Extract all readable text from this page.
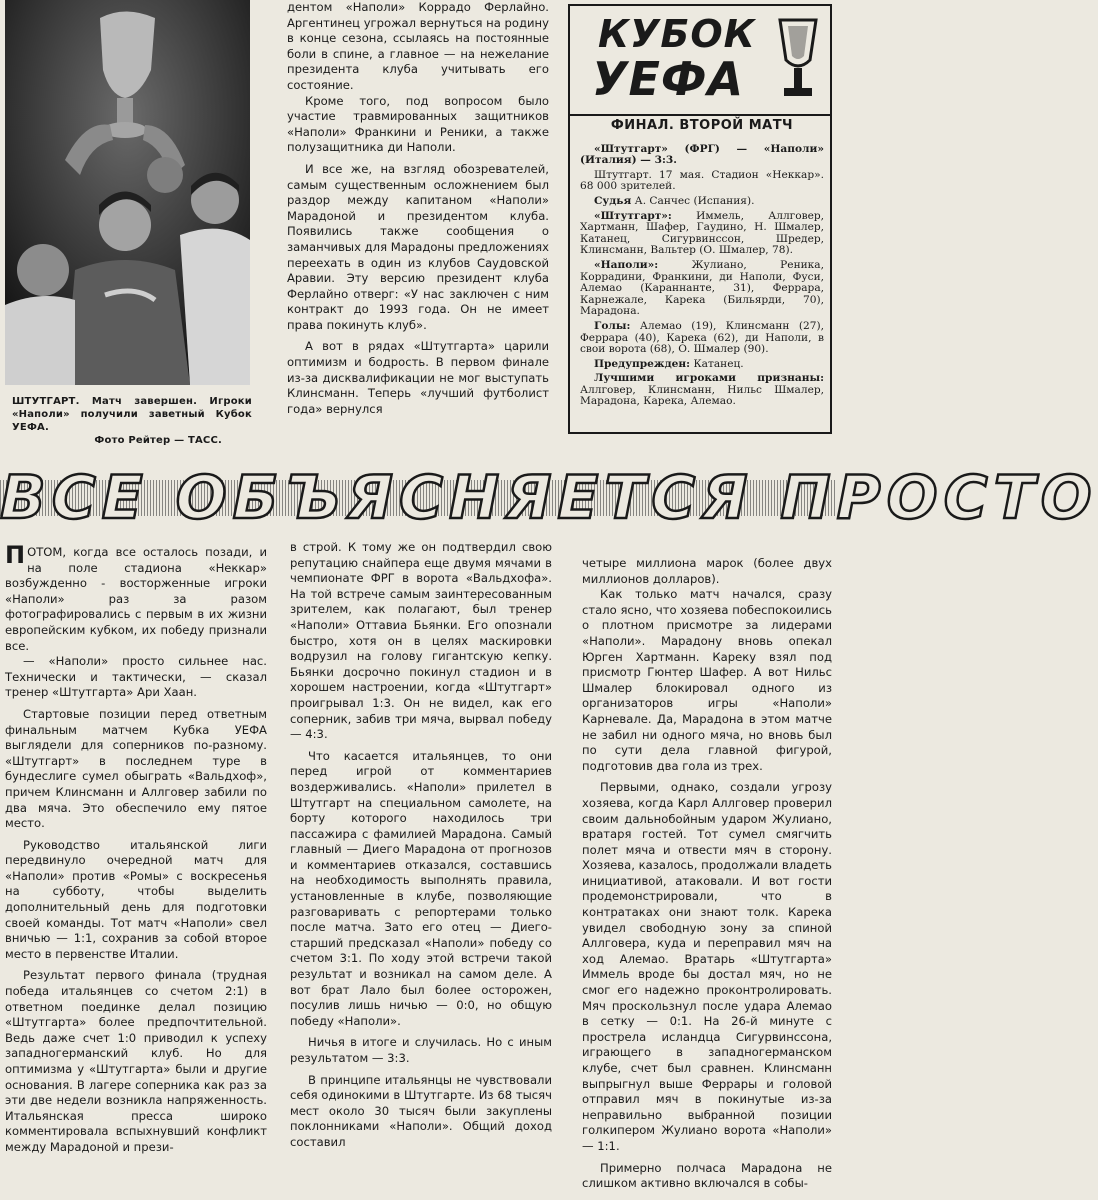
ШТУТГАРТ. Матч завершен. Игроки «Наполи» получили заветный Кубок УЕФА.
Фото Рейтер — ТАСС.

дентом «Наполи» Коррадо Ферлайно. Аргентинец угрожал вернуться на родину в конце сезона, ссылаясь на постоянные боли в спине, а главное — на нежелание президента клуба учитывать его состояние.

Кроме того, под вопросом было участие травмированных защитников «Наполи» Франкини и Реники, а также полузащитника ди Наполи.

И все же, на взгляд обозревателей, самым существенным осложнением был раздор между капитаном «Наполи» Марадоной и президентом клуба. Появились также сообщения о заманчивых для Марадоны предложениях переехать в один из клубов Саудовской Аравии. Эту версию президент клуба Ферлайно отверг: «У нас заключен с ним контракт до 1993 года. Он не имеет права покинуть клуб».

А вот в рядах «Штутгарта» царили оптимизм и бодрость. В первом финале из-за дисквалификации не мог выступать Клинсманн. Теперь «лучший футболист года» вернулся

КУБОК
УЕФА
ФИНАЛ. ВТОРОЙ МАТЧ

«Штутгарт» (ФРГ) — «Наполи» (Италия) — 3:3.

Штутгарт. 17 мая. Стадион «Неккар». 68 000 зрителей.

Судья А. Санчес (Испания).

«Штутгарт»: Иммель, Аллговер, Хартманн, Шафер, Гаудино, Н. Шмалер, Катанец, Сигурвинссон, Шредер, Клинсманн, Вальтер (О. Шмалер, 78).

«Наполи»:	Жулиано, Реника, Коррадини, Франкини, ди Наполи, Фуси, Алемао (Караннанте, 31), Феррара, Карнежале, Карека (Бильярди, 70), Марадона.

Голы: Алемао (19), Клинсманн (27), Феррара (40), Карека (62), ди Наполи, в свои ворота (68), О. Шмалер (90).

Предупрежден: Катанец.

Лучшими игроками признаны: Аллговер, Клинсманн, Нильс Шмалер, Марадона, Карека, Алемао.

ВСЕ ОБЪЯСНЯЕТСЯ ПРОСТО

ПОТОМ, когда все осталось позади, и на поле стадиона «Неккар» возбужденно - восторженные игроки «Наполи» раз за разом фотографировались с первым в их жизни европейским кубком, их победу признали все.

— «Наполи» просто сильнее нас. Технически и тактически, — сказал тренер «Штутгарта» Ари Хаан.

Стартовые позиции перед ответным финальным матчем Кубка УЕФА выглядели для соперников по-разному. «Штутгарт» в последнем туре в бундеслиге сумел обыграть «Вальдхоф», причем Клинсманн и Аллговер забили по два мяча. Это обеспечило ему пятое место.

Руководство итальянской лиги передвинуло очередной матч для «Наполи» против «Ромы» с воскресенья на субботу, чтобы выделить дополнительный день для подготовки своей команды. Тот матч «Наполи» свел вничью — 1:1, сохранив за собой второе место в первенстве Италии.

Результат первого финала (трудная победа итальянцев со счетом 2:1) в ответном поединке делал позицию «Штутгарта» более предпочтительной. Ведь даже счет 1:0 приводил к успеху западногерманский клуб. Но для оптимизма у «Штутгарта» были и другие основания. В лагере соперника как раз за эти две недели возникла напряженность. Итальянская пресса широко комментировала вспыхнувший конфликт между Марадоной и прези-

в строй. К тому же он подтвердил свою репутацию снайпера еще двумя мячами в чемпионате ФРГ в ворота «Вальдхофа». На той встрече самым заинтересованным зрителем, как полагают, был тренер «Наполи» Оттавиа Бьянки. Его опознали быстро, хотя он в целях маскировки водрузил на голову гигантскую кепку. Бьянки досрочно покинул стадион и в хорошем настроении, когда «Штутгарт» проигрывал 1:3. Он не видел, как его соперник, забив три мяча, вырвал победу — 4:3.

Что касается итальянцев, то они перед игрой от комментариев воздерживались. «Наполи» прилетел в Штутгарт на специальном самолете, на борту которого находилось три пассажира с фамилией Марадона. Самый главный — Диего Марадона от прогнозов и комментариев отказался, составшись на необходимость выполнять правила, установленные в клубе, позволяющие разговаривать с репортерами только после матча. Зато его отец — Диего-старший предсказал «Наполи» победу со счетом 3:1. По ходу этой встречи такой результат и возникал на самом деле. А вот брат Лало был более осторожен, посулив лишь ничью — 0:0, но общую победу «Наполи».

Ничья в итоге и случилась. Но с иным результатом — 3:3.

В принципе итальянцы не чувствовали себя одинокими в Штутгарте. Из 68 тысяч мест около 30 тысяч были закуплены поклонниками «Наполи». Общий доход составил

четыре миллиона марок (более двух миллионов долларов).

Как только матч начался, сразу стало ясно, что хозяева побеспокоились о плотном присмотре за лидерами «Наполи». Марадону вновь опекал Юрген Хартманн. Кареку взял под присмотр Гюнтер Шафер. А вот Нильс Шмалер блокировал одного из организаторов игры «Наполи» Карневале. Да, Марадона в этом матче не забил ни одного мяча, но вновь был по сути дела главной фигурой, подготовив два гола из трех.

Первыми, однако, создали угрозу хозяева, когда Карл Аллговер проверил своим дальнобойным ударом Жулиано, вратаря гостей. Тот сумел смягчить полет мяча и отвести мяч в сторону. Хозяева, казалось, продолжали владеть инициативой, атаковали. И вот гости продемонстрировали, что в контратаках они знают толк. Карека увидел свободную зону за спиной Аллговера, куда и переправил мяч на ход Алемао. Вратарь «Штутгарта» Иммель вроде бы достал мяч, но не смог его надежно проконтролировать. Мяч проскользнул после удара Алемао в сетку — 0:1. На 26-й минуте с прострела исландца Сигурвинссона, играющего в западногерманском клубе, счет был сравнен. Клинсманн выпрыгнул выше Феррары и головой отправил мяч в покинутые из-за неправильно выбранной позиции голкипером Жулиано ворота «Наполи» — 1:1.

Примерно полчаса Марадона не слишком активно включался в собы-
